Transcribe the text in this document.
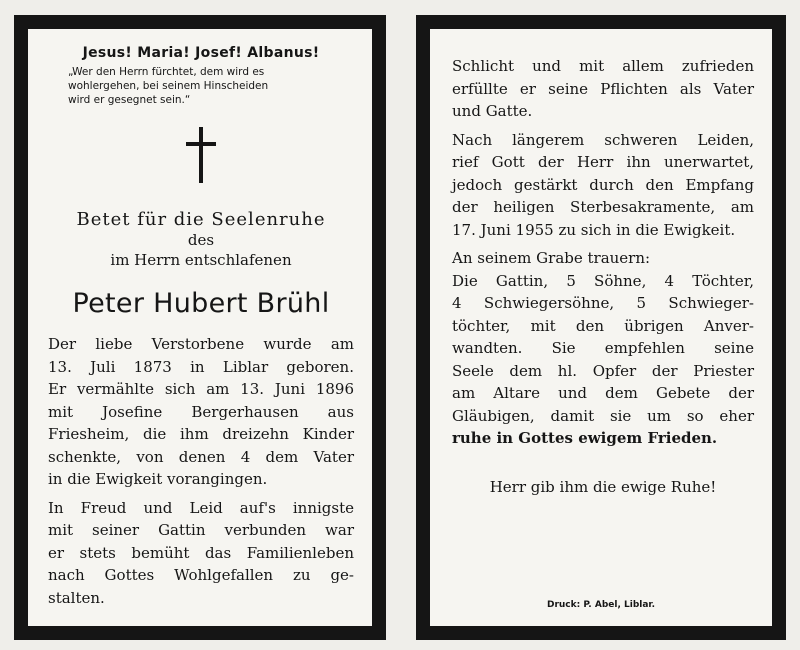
Jesus! Maria! Josef! Albanus!

„Wer den Herrn fürchtet, dem wird es
wohlergehen, bei seinem Hinscheiden
wird er gesegnet sein.“

Betet für die Seelenruhe

des

im Herrn entschlafenen

Peter Hubert Brühl

Der liebe Verstorbene wurde am
13. Juli 1873 in Liblar geboren.
Er vermählte sich am 13. Juni 1896
mit Josefine Bergerhausen aus
Friesheim, die ihm dreizehn Kinder
schenkte, von denen 4 dem Vater
in die Ewigkeit vorangingen.
In Freud und Leid auf's innigste
mit seiner Gattin verbunden war
er stets bemüht das Familienleben
nach Gottes Wohlgefallen zu ge-
stalten.
Schlicht und mit allem zufrieden
erfüllte er seine Pflichten als Vater
und Gatte.
Nach längerem schweren Leiden,
rief Gott der Herr ihn unerwartet,
jedoch gestärkt durch den Empfang
der heiligen Sterbesakramente, am
17. Juni 1955 zu sich in die Ewigkeit.
An seinem Grabe trauern:
Die Gattin, 5 Söhne, 4 Töchter,
4 Schwiegersöhne, 5 Schwieger-
töchter, mit den übrigen Anver-
wandten. Sie empfehlen seine
Seele dem hl. Opfer der Priester
am Altare und dem Gebete der
Gläubigen, damit sie um so eher
ruhe in Gottes ewigem Frieden.

Herr gib ihm die ewige Ruhe!

Druck: P. Abel, Liblar.
